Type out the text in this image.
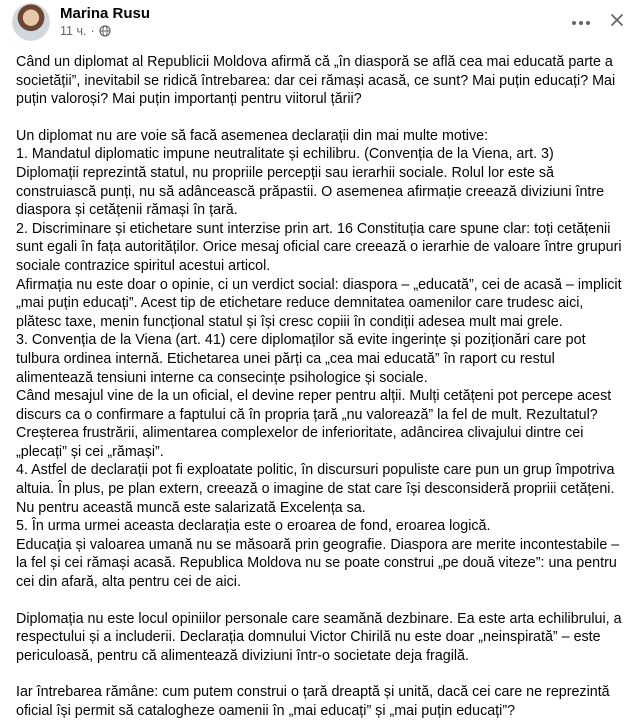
Marina Rusu
11 ч. ·

Când un diplomat al Republicii Moldova afirmă că „în diasporă se află cea mai educată parte a societății”, inevitabil se ridică întrebarea: dar cei rămași acasă, ce sunt? Mai puțin educați? Mai puțin valoroși? Mai puțin importanți pentru viitorul țării?

Un diplomat nu are voie să facă asemenea declarații din mai multe motive:

1. Mandatul diplomatic impune neutralitate și echilibru. (Convenția de la Viena, art. 3)

Diplomații reprezintă statul, nu propriile percepții sau ierarhii sociale. Rolul lor este să construiască punți, nu să adâncească prăpastii. O asemenea afirmație creează diviziuni între diaspora și cetățenii rămași în țară.

2. Discriminare și etichetare sunt interzise prin art. 16 Constituția care spune clar: toți cetățenii sunt egali în fața autorităților. Orice mesaj oficial care creează o ierarhie de valoare între grupuri sociale contrazice spiritul acestui articol.

Afirmația nu este doar o opinie, ci un verdict social: diaspora – „educată”, cei de acasă – implicit „mai puțin educați”. Acest tip de etichetare reduce demnitatea oamenilor care trudesc aici, plătesc taxe, menin funcțional statul și își cresc copiii în condiții adesea mult mai grele.

3. Convenția de la Viena (art. 41) cere diplomaților să evite ingerințe și poziționări care pot tulbura ordinea internă. Etichetarea unei părți ca „cea mai educată” în raport cu restul alimentează tensiuni interne ca consecințe psihologice și sociale.

Când mesajul vine de la un oficial, el devine reper pentru alții. Mulți cetățeni pot percepe acest discurs ca o confirmare a faptului că în propria țară „nu valorează” la fel de mult. Rezultatul? Creșterea frustrării, alimentarea complexelor de inferioritate, adâncirea clivajului dintre cei „plecați” și cei „rămași”.

4. Astfel de declarații pot fi exploatate politic, în discursuri populiste care pun un grup împotriva altuia. În plus, pe plan extern, creează o imagine de stat care își desconsideră propriii cetățeni. Nu pentru această muncă este salarizată Excelența sa.

5. În urma urmei aceasta declarația este o eroarea de fond, eroarea logică.

Educația și valoarea umană nu se măsoară prin geografie. Diaspora are merite incontestabile – la fel și cei rămași acasă. Republica Moldova nu se poate construi „pe două viteze”: una pentru cei din afară, alta pentru cei de aici.

Diplomația nu este locul opiniilor personale care seamănă dezbinare. Ea este arta echilibrului, a respectului și a includerii. Declarația domnului Victor Chirilă nu este doar „neinspirată” – este periculoasă, pentru că alimentează diviziuni într-o societate deja fragilă.

Iar întrebarea rămâne: cum putem construi o țară dreaptă și unită, dacă cei care ne reprezintă oficial își permit să catalogheze oamenii în „mai educați” și „mai puțin educați”?
